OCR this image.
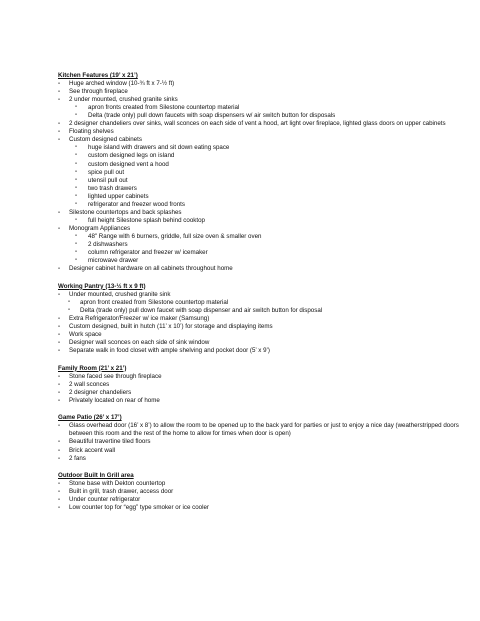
Kitchen Features (19’ x 21’)
- Huge arched window (10-¾ ft x 7-½ ft)
- See through fireplace
- 2 under mounted, crushed granite sinks
- apron fronts created from Silestone countertop material
- Delta (trade only) pull down faucets with soap dispensers w/ air switch button for disposals
- 2 designer chandeliers over sinks, wall sconces on each side of vent a hood, art light over fireplace, lighted glass doors on upper cabinets
- Floating shelves
- Custom designed cabinets
- huge island with drawers and sit down eating space
- custom designed legs on island
- custom designed vent a hood
- spice pull out
- utensil pull out
- two trash drawers
- lighted upper cabinets
- refrigerator and freezer wood fronts
- Silestone countertops and back splashes
- full height Silestone splash behind cooktop
- Monogram Appliances
- 48" Range with 6 burners, griddle, full size oven & smaller oven
- 2 dishwashers
- column refrigerator and freezer w/ icemaker
- microwave drawer
- Designer cabinet hardware on all cabinets throughout home
Working Pantry (13-½ ft x 9 ft)
- Under mounted, crushed granite sink
- apron front created from Silestone countertop material
- Delta (trade only) pull down faucet with soap dispenser and air switch button for disposal
- Extra Refrigerator/Freezer w/ ice maker (Samsung)
- Custom designed, built in hutch (11’ x 10’) for storage and displaying items
- Work space
- Designer wall sconces on each side of sink window
- Separate walk in food closet with ample shelving and pocket door (5’ x 9’)
Family Room (21’ x 21’)
- Stone faced see through fireplace
- 2 wall sconces
- 2 designer chandeliers
- Privately located on rear of home
Game Patio (26’ x 17’)
- Glass overhead door (16’ x 8’) to allow the room to be opened up to the back yard for parties or just to enjoy a nice day (weatherstripped doors between this room and the rest of the home to allow for times when door is open)
- Beautiful travertine tiled floors
- Brick accent wall
- 2 fans
Outdoor Built In Grill area
- Stone base with Dekton countertop
- Built in grill, trash drawer, access door
- Under counter refrigerator
- Low counter top for “egg” type smoker or ice cooler
